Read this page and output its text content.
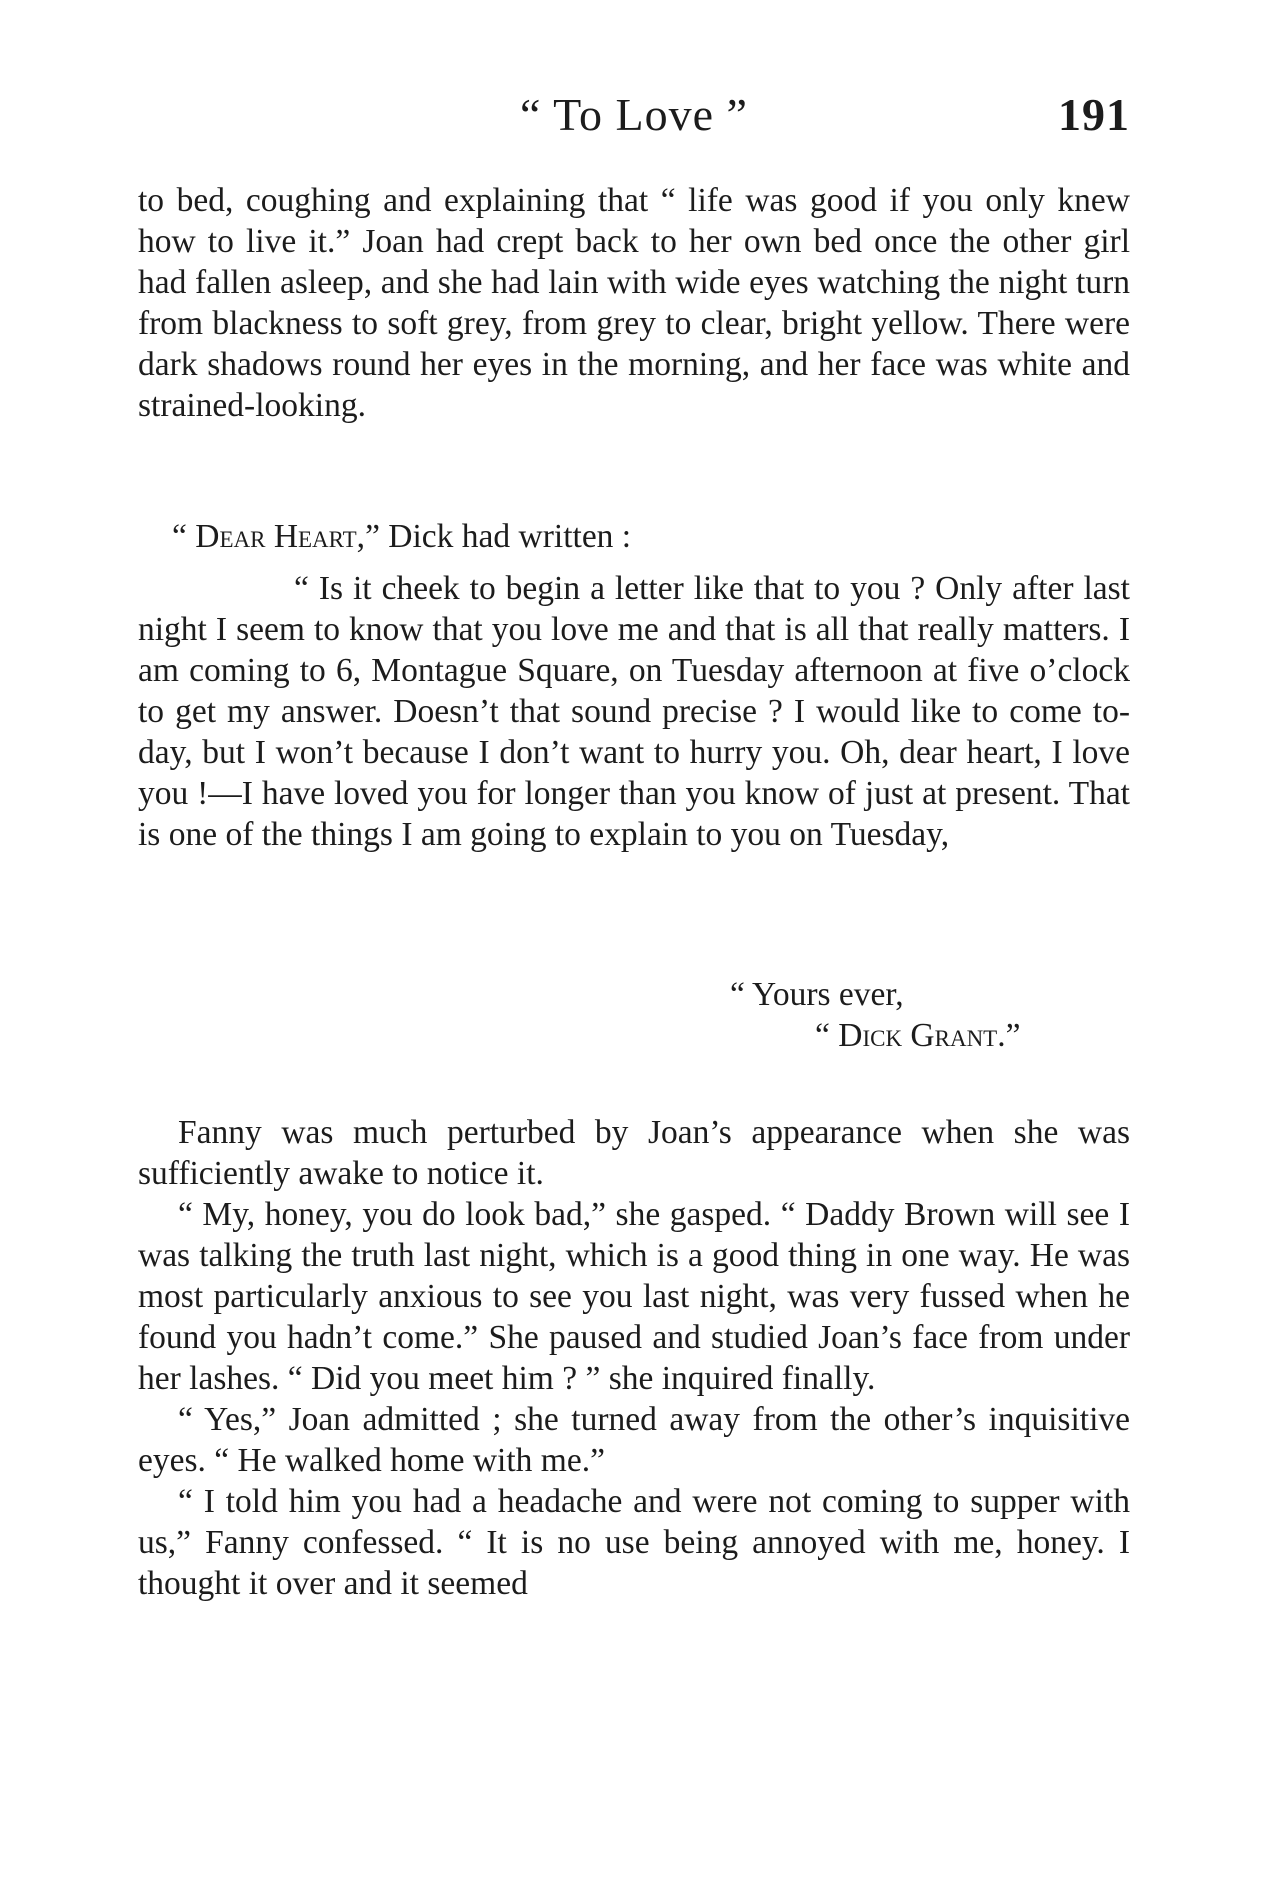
“ To Love ”	191

to bed, coughing and explaining that “ life was good if you only knew how to live it.” Joan had crept back to her own bed once the other girl had fallen asleep, and she had lain with wide eyes watching the night turn from blackness to soft grey, from grey to clear, bright yellow. There were dark shadows round her eyes in the morning, and her face was white and strained-looking.

“ Dear Heart,” Dick had written :

“ Is it cheek to begin a letter like that to you ? Only after last night I seem to know that you love me and that is all that really matters. I am coming to 6, Montague Square, on Tuesday afternoon at five o’clock to get my answer. Doesn’t that sound precise ? I would like to come to-day, but I won’t because I don’t want to hurry you. Oh, dear heart, I love you !—I have loved you for longer than you know of just at present. That is one of the things I am going to explain to you on Tuesday,

“ Yours ever,
“ Dick Grant.”

Fanny was much perturbed by Joan’s appearance when she was sufficiently awake to notice it.

“ My, honey, you do look bad,” she gasped. “ Daddy Brown will see I was talking the truth last night, which is a good thing in one way. He was most particularly anxious to see you last night, was very fussed when he found you hadn’t come.” She paused and studied Joan’s face from under her lashes. “ Did you meet him ? ” she inquired finally.

“ Yes,” Joan admitted ; she turned away from the other’s inquisitive eyes. “ He walked home with me.”

“ I told him you had a headache and were not coming to supper with us,” Fanny confessed. “ It is no use being annoyed with me, honey. I thought it over and it seemed
